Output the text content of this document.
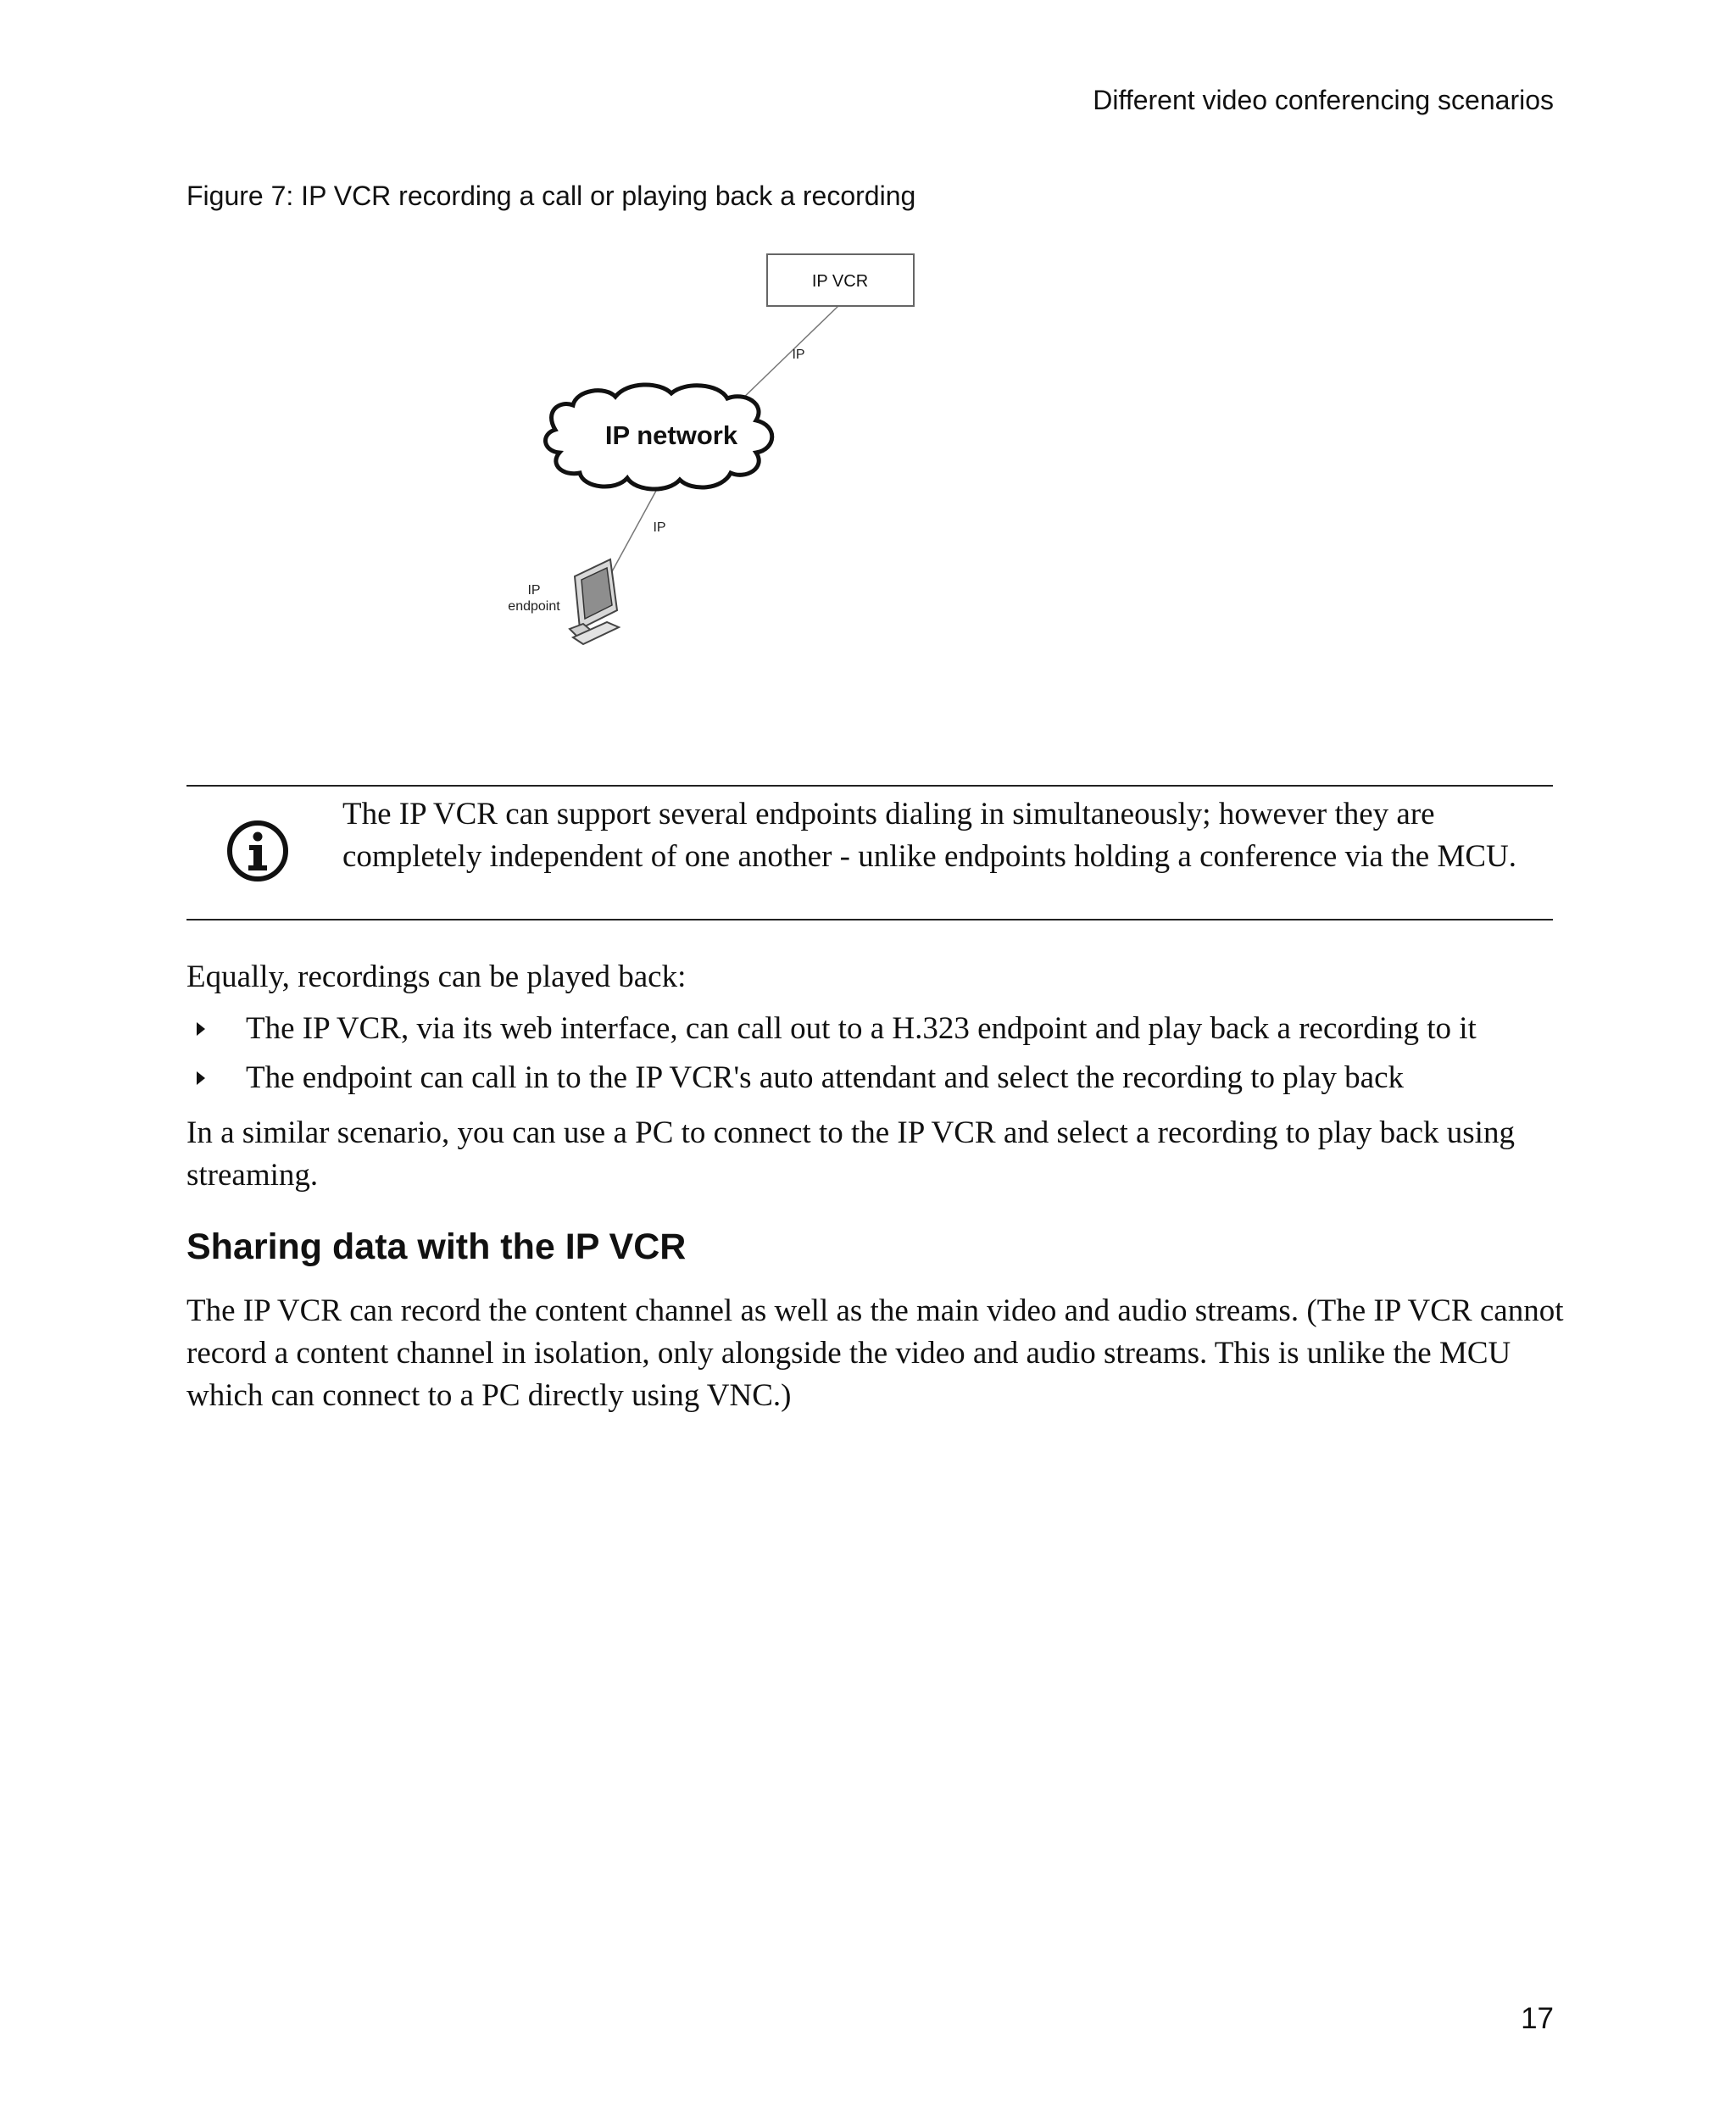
Different video conferencing scenarios
Figure 7: IP VCR recording a call or playing back a recording
IP VCR
IP
IP
IP network
IP
endpoint
The IP VCR can support several endpoints dialing in simultaneously; however they are
completely independent of one another - unlike endpoints holding a conference via the MCU.
Equally, recordings can be played back:
The IP VCR, via its web interface, can call out to a H.323 endpoint and play back a recording to it
The endpoint can call in to the IP VCR's auto attendant and select the recording to play back
In a similar scenario, you can use a PC to connect to the IP VCR and select a recording to play back using streaming.
Sharing data with the IP VCR
The IP VCR can record the content channel as well as the main video and audio streams. (The IP VCR cannot record a content channel in isolation, only alongside the video and audio streams. This is unlike the MCU which can connect to a PC directly using VNC.)
17
